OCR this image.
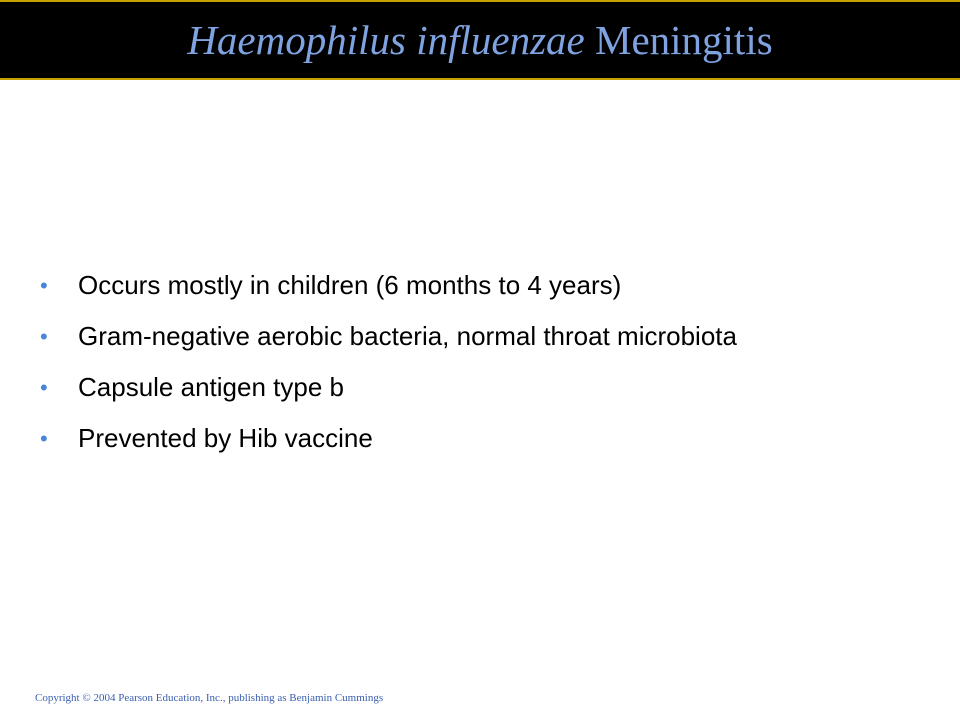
Haemophilus influenzae Meningitis
•	Occurs mostly in children (6 months to 4 years)
•	Gram-negative aerobic bacteria, normal throat microbiota
•	Capsule antigen type b
•	Prevented by Hib vaccine
Copyright © 2004 Pearson Education, Inc., publishing as Benjamin Cummings
